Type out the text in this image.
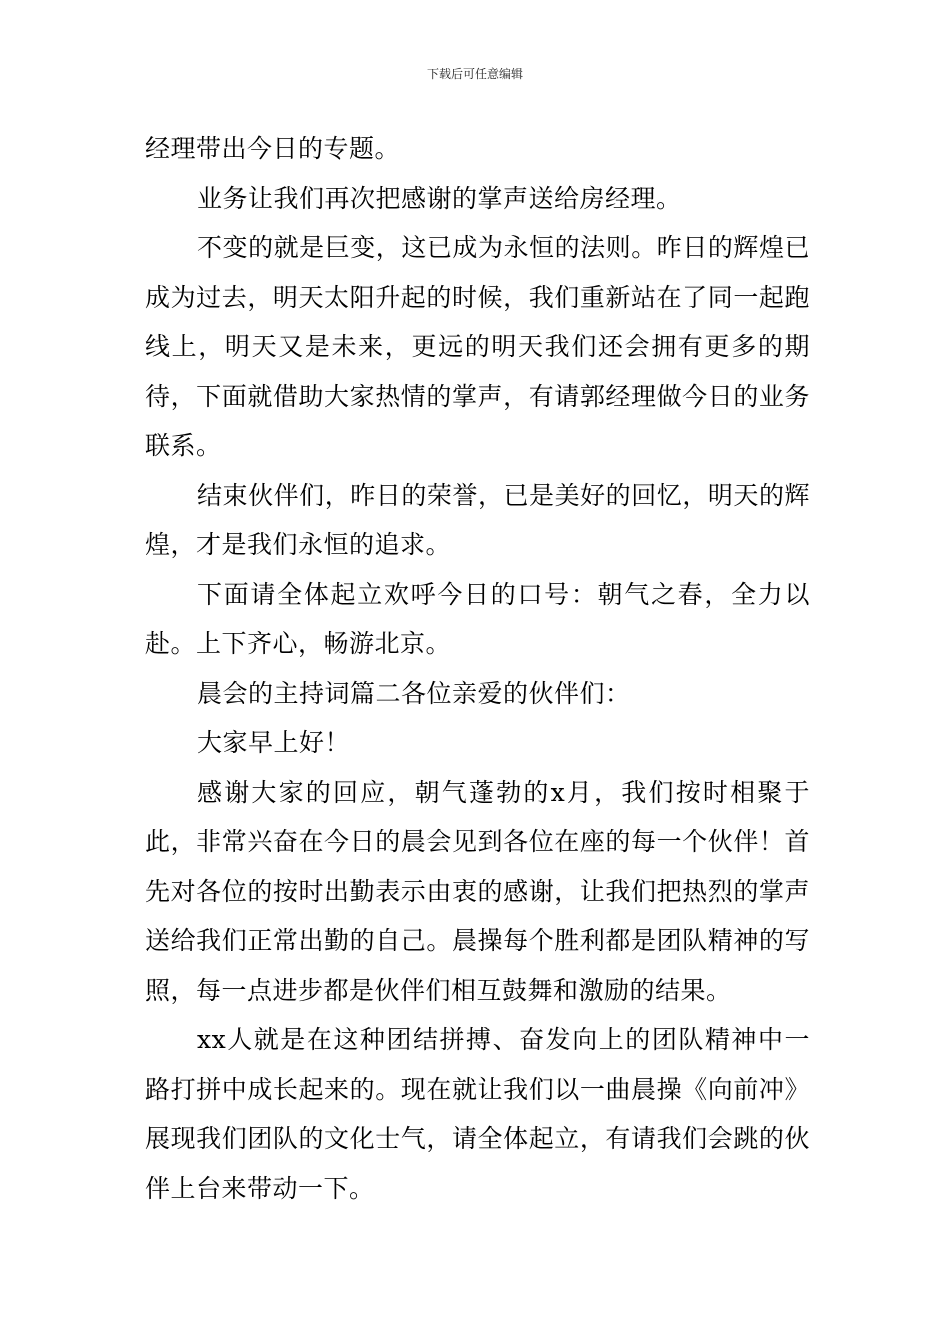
下载后可任意编辑

经理带出今日的专题。

业务让我们再次把感谢的掌声送给房经理。

不变的就是巨变，这已成为永恒的法则。昨日的辉煌已成为过去，明天太阳升起的时候，我们重新站在了同一起跑线上，明天又是未来，更远的明天我们还会拥有更多的期待，下面就借助大家热情的掌声，有请郭经理做今日的业务联系。

结束伙伴们，昨日的荣誉，已是美好的回忆，明天的辉煌，才是我们永恒的追求。

下面请全体起立欢呼今日的口号：朝气之春，全力以赴。上下齐心，畅游北京。

晨会的主持词篇二各位亲爱的伙伴们：

大家早上好！

感谢大家的回应，朝气蓬勃的x月，我们按时相聚于此，非常兴奋在今日的晨会见到各位在座的每一个伙伴！首先对各位的按时出勤表示由衷的感谢，让我们把热烈的掌声送给我们正常出勤的自己。晨操每个胜利都是团队精神的写照，每一点进步都是伙伴们相互鼓舞和激励的结果。

xx人就是在这种团结拼搏、奋发向上的团队精神中一路打拼中成长起来的。现在就让我们以一曲晨操《向前冲》展现我们团队的文化士气，请全体起立，有请我们会跳的伙伴上台来带动一下。
